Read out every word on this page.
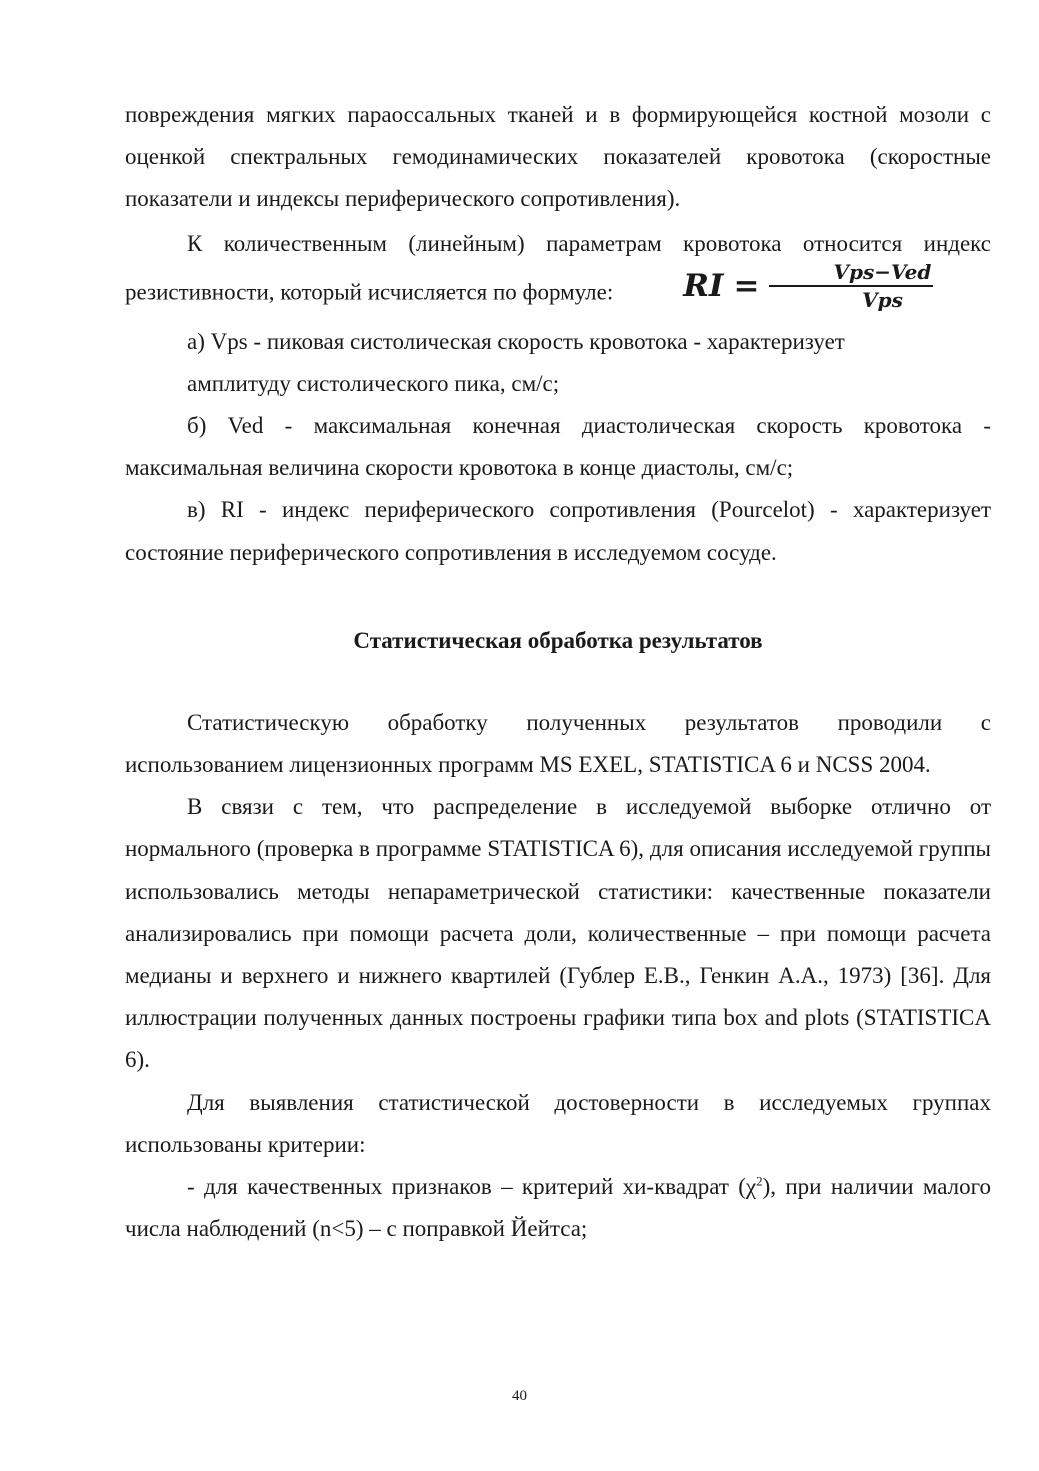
повреждения мягких параоссальных тканей и в формирующейся костной мозоли с оценкой спектральных гемодинамических показателей кровотока (скоростные показатели и индексы периферического сопротивления).

К количественным (линейным) параметрам кровотока относится индекс резистивности, который исчисляется по формуле: RI = $\frac{\text{Vps−Ved}}{\text{Vps}}$

а) Vps - пиковая систолическая скорость кровотока - характеризует амплитуду систолического пика, см/с;

б) Ved - максимальная конечная диастолическая скорость кровотока - максимальная величина скорости кровотока в конце диастолы, см/с;

в) RI - индекс периферического сопротивления (Pourcelot) - характеризует состояние периферического сопротивления в исследуемом сосуде.

Статистическая обработка результатов

Статистическую обработку полученных результатов проводили с использованием лицензионных программ MS EXEL, STATISTICA 6 и NCSS 2004.

В связи с тем, что распределение в исследуемой выборке отлично от нормального (проверка в программе STATISTICA 6), для описания исследуемой группы использовались методы непараметрической статистики: качественные показатели анализировались при помощи расчета доли, количественные – при помощи расчета медианы и верхнего и нижнего квартилей (Гублер Е.В., Генкин А.А., 1973) [36]. Для иллюстрации полученных данных построены графики типа box and plots (STATISTICA 6).

Для выявления статистической достоверности в исследуемых группах использованы критерии:

- для качественных признаков – критерий хи-квадрат $(\chi^2)$, при наличии малого числа наблюдений (n<5) – с поправкой Йейтса;

40
